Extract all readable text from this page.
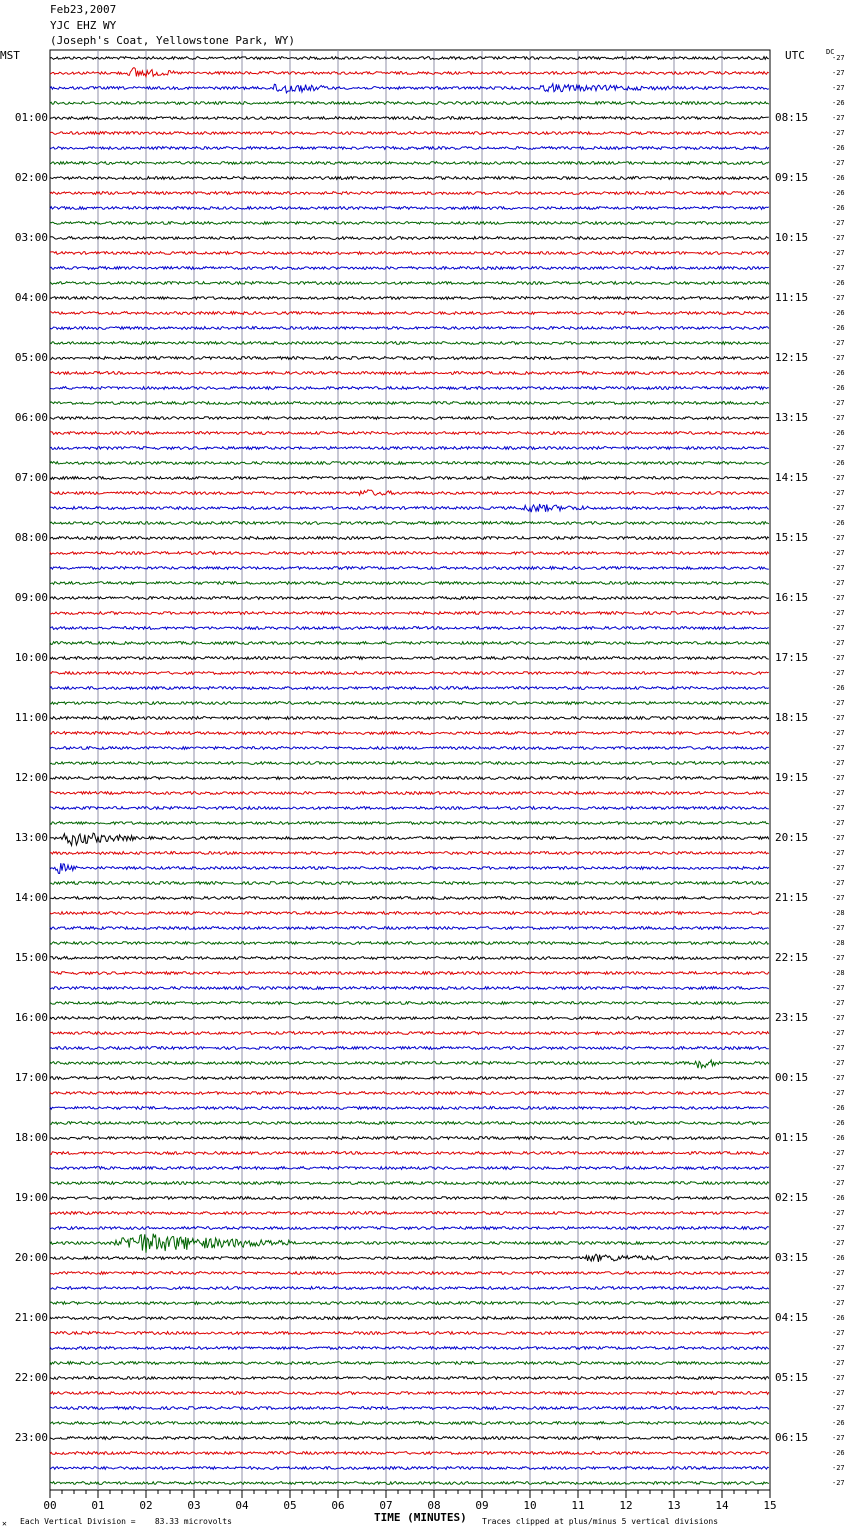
Feb23,2007
YJC EHZ WY
(Joseph's Coat, Yellowstone Park, WY)
MST	UTC	DC
00	01	02	03	04	05	06	07	08	09	10	11	12	13	14	15
01:00
02:00
03:00
04:00
05:00
06:00
07:00
08:00
09:00
10:00
11:00
12:00
13:00
14:00
15:00
16:00
17:00
18:00
19:00
20:00
21:00
22:00
23:00
08:15
09:15
10:15
11:15
12:15
13:15
14:15
15:15
16:15
17:15
18:15
19:15
20:15
21:15
22:15
23:15
00:15
01:15
02:15
03:15
04:15
05:15
06:15
-27
-27
-27
-26
-27
-27
-26
-27
-26
-26
-26
-27
-27
-27
-27
-26
-27
-26
-26
-27
-27
-26
-26
-27
-27
-26
-27
-26
-27
-27
-27
-26
-27
-27
-27
-27
-27
-27
-27
-27
-27
-27
-26
-27
-27
-27
-27
-27
-27
-27
-27
-27
-27
-27
-27
-27
-27
-28
-27
-28
-27
-28
-27
-27
-27
-27
-27
-27
-27
-27
-26
-26
-26
-27
-27
-27
-26
-27
-27
-27
-26
-27
-27
-27
-26
-27
-27
-27
-27
-27
-27
-26
-27
-26
-27
-27
TIME (MINUTES)
✕ Each Vertical Division =    83.33 microvolts	Traces clipped at plus/minus 5 vertical divisions
